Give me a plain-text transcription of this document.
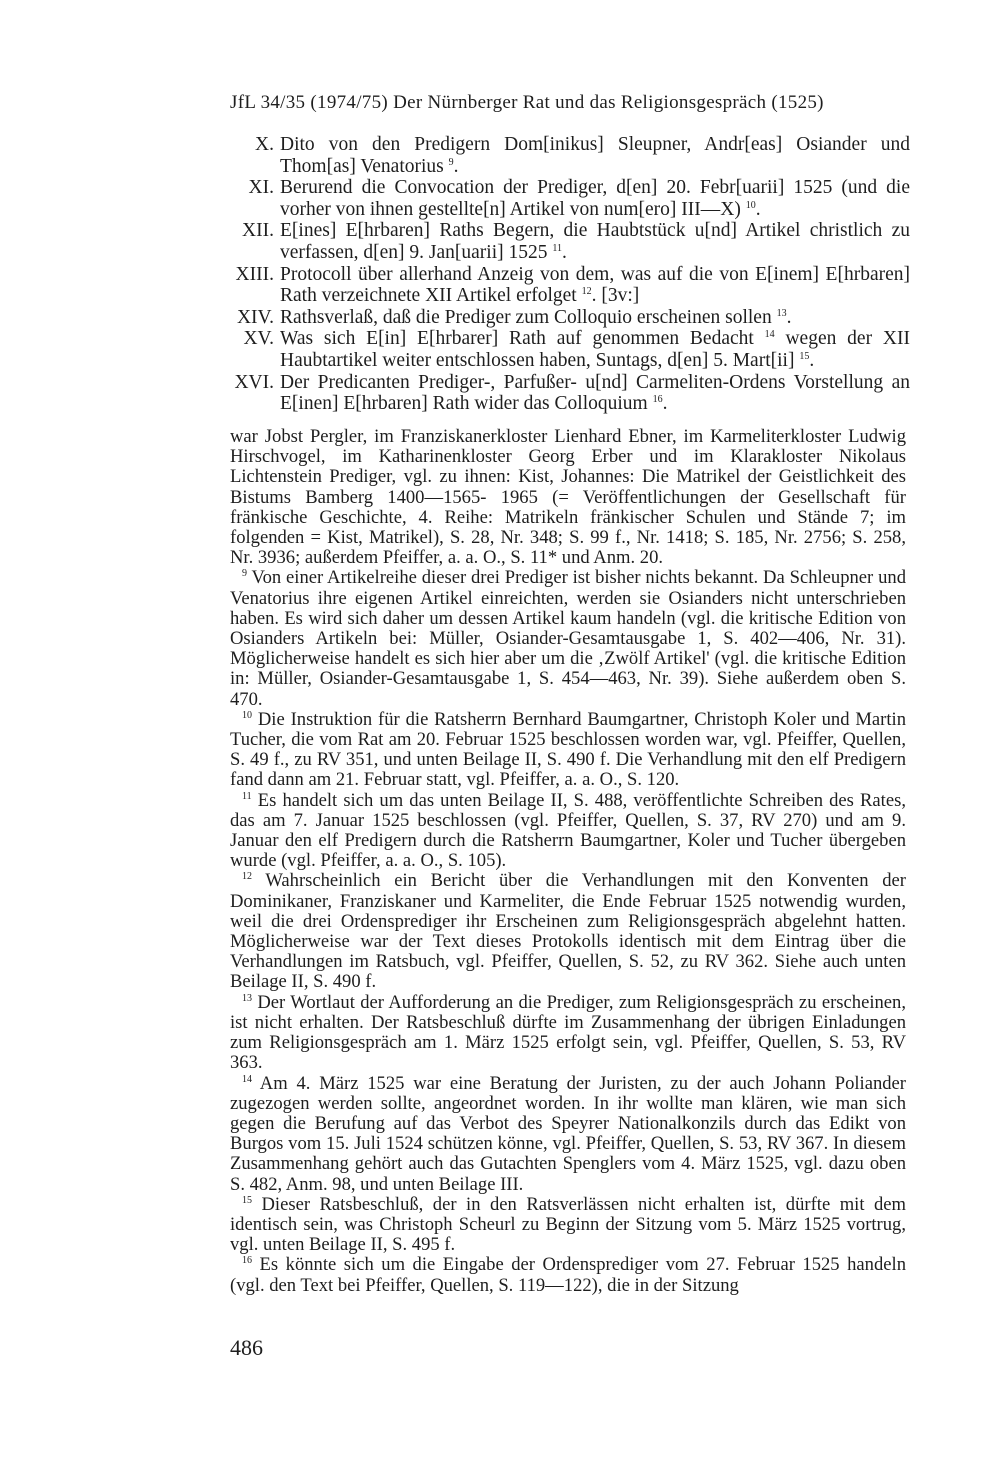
JfL 34/35 (1974/75) Der Nürnberger Rat und das Religionsgespräch (1525)
X. Dito von den Predigern Dom[inikus] Sleupner, Andr[eas] Osiander und Thom[as] Venatorius $^9$.
XI. Berurend die Convocation der Prediger, d[en] 20. Febr[uarii] 1525 (und die vorher von ihnen gestellte[n] Artikel von num[ero] III—X) $^{10}$.
XII. E[ines] E[hrbaren] Raths Begern, die Haubtstück u[nd] Artikel christlich zu verfassen, d[en] 9. Jan[uarii] 1525 $^{11}$.
XIII. Protocoll über allerhand Anzeig von dem, was auf die von E[inem] E[hrbaren] Rath verzeichnete XII Artikel erfolget $^{12}$. [3v:]
XIV. Rathsverlaß, daß die Prediger zum Colloquio erscheinen sollen $^{13}$.
XV. Was sich E[in] E[hrbarer] Rath auf genommen Bedacht $^{14}$ wegen der XII Haubtartikel weiter entschlossen haben, Suntags, d[en] 5. Mart[ii] $^{15}$.
XVI. Der Predicanten Prediger-, Parfußer- u[nd] Carmeliten-Ordens Vorstellung an E[inen] E[hrbaren] Rath wider das Colloquium $^{16}$.

war Jobst Pergler, im Franziskanerkloster Lienhard Ebner, im Karmeliterkloster Ludwig Hirschvogel, im Katharinenkloster Georg Erber und im Klarakloster Nikolaus Lichtenstein Prediger, vgl. zu ihnen: Kist, Johannes: Die Matrikel der Geistlichkeit des Bistums Bamberg 1400—1565- 1965 (= Veröffentlichungen der Gesellschaft für fränkische Geschichte, 4. Reihe: Matrikeln fränkischer Schulen und Stände 7; im folgenden = Kist, Matrikel), S. 28, Nr. 348; S. 99 f., Nr. 1418; S. 185, Nr. 2756; S. 258, Nr. 3936; außerdem Pfeiffer, a. a. O., S. 11* und Anm. 20.

$^9$ Von einer Artikelreihe dieser drei Prediger ist bisher nichts bekannt. Da Schleupner und Venatorius ihre eigenen Artikel einreichten, werden sie Osianders nicht unterschrieben haben. Es wird sich daher um dessen Artikel kaum handeln (vgl. die kritische Edition von Osianders Artikeln bei: Müller, Osiander-Gesamtausgabe 1, S. 402—406, Nr. 31). Möglicherweise handelt es sich hier aber um die ‚Zwölf Artikel' (vgl. die kritische Edition in: Müller, Osiander-Gesamtausgabe 1, S. 454—463, Nr. 39). Siehe außerdem oben S. 470.

$^{10}$ Die Instruktion für die Ratsherrn Bernhard Baumgartner, Christoph Koler und Martin Tucher, die vom Rat am 20. Februar 1525 beschlossen worden war, vgl. Pfeiffer, Quellen, S. 49 f., zu RV 351, und unten Beilage II, S. 490 f. Die Verhandlung mit den elf Predigern fand dann am 21. Februar statt, vgl. Pfeiffer, a. a. O., S. 120.

$^{11}$ Es handelt sich um das unten Beilage II, S. 488, veröffentlichte Schreiben des Rates, das am 7. Januar 1525 beschlossen (vgl. Pfeiffer, Quellen, S. 37, RV 270) und am 9. Januar den elf Predigern durch die Ratsherrn Baumgartner, Koler und Tucher übergeben wurde (vgl. Pfeiffer, a. a. O., S. 105).

$^{12}$ Wahrscheinlich ein Bericht über die Verhandlungen mit den Konventen der Dominikaner, Franziskaner und Karmeliter, die Ende Februar 1525 notwendig wurden, weil die drei Ordensprediger ihr Erscheinen zum Religionsgespräch abgelehnt hatten. Möglicherweise war der Text dieses Protokolls identisch mit dem Eintrag über die Verhandlungen im Ratsbuch, vgl. Pfeiffer, Quellen, S. 52, zu RV 362. Siehe auch unten Beilage II, S. 490 f.

$^{13}$ Der Wortlaut der Aufforderung an die Prediger, zum Religionsgespräch zu erscheinen, ist nicht erhalten. Der Ratsbeschluß dürfte im Zusammenhang der übrigen Einladungen zum Religionsgespräch am 1. März 1525 erfolgt sein, vgl. Pfeiffer, Quellen, S. 53, RV 363.

$^{14}$ Am 4. März 1525 war eine Beratung der Juristen, zu der auch Johann Poliander zugezogen werden sollte, angeordnet worden. In ihr wollte man klären, wie man sich gegen die Berufung auf das Verbot des Speyrer Nationalkonzils durch das Edikt von Burgos vom 15. Juli 1524 schützen könne, vgl. Pfeiffer, Quellen, S. 53, RV 367. In diesem Zusammenhang gehört auch das Gutachten Spenglers vom 4. März 1525, vgl. dazu oben S. 482, Anm. 98, und unten Beilage III.

$^{15}$ Dieser Ratsbeschluß, der in den Ratsverlässen nicht erhalten ist, dürfte mit dem identisch sein, was Christoph Scheurl zu Beginn der Sitzung vom 5. März 1525 vortrug, vgl. unten Beilage II, S. 495 f.

$^{16}$ Es könnte sich um die Eingabe der Ordensprediger vom 27. Februar 1525 handeln (vgl. den Text bei Pfeiffer, Quellen, S. 119—122), die in der Sitzung

486
